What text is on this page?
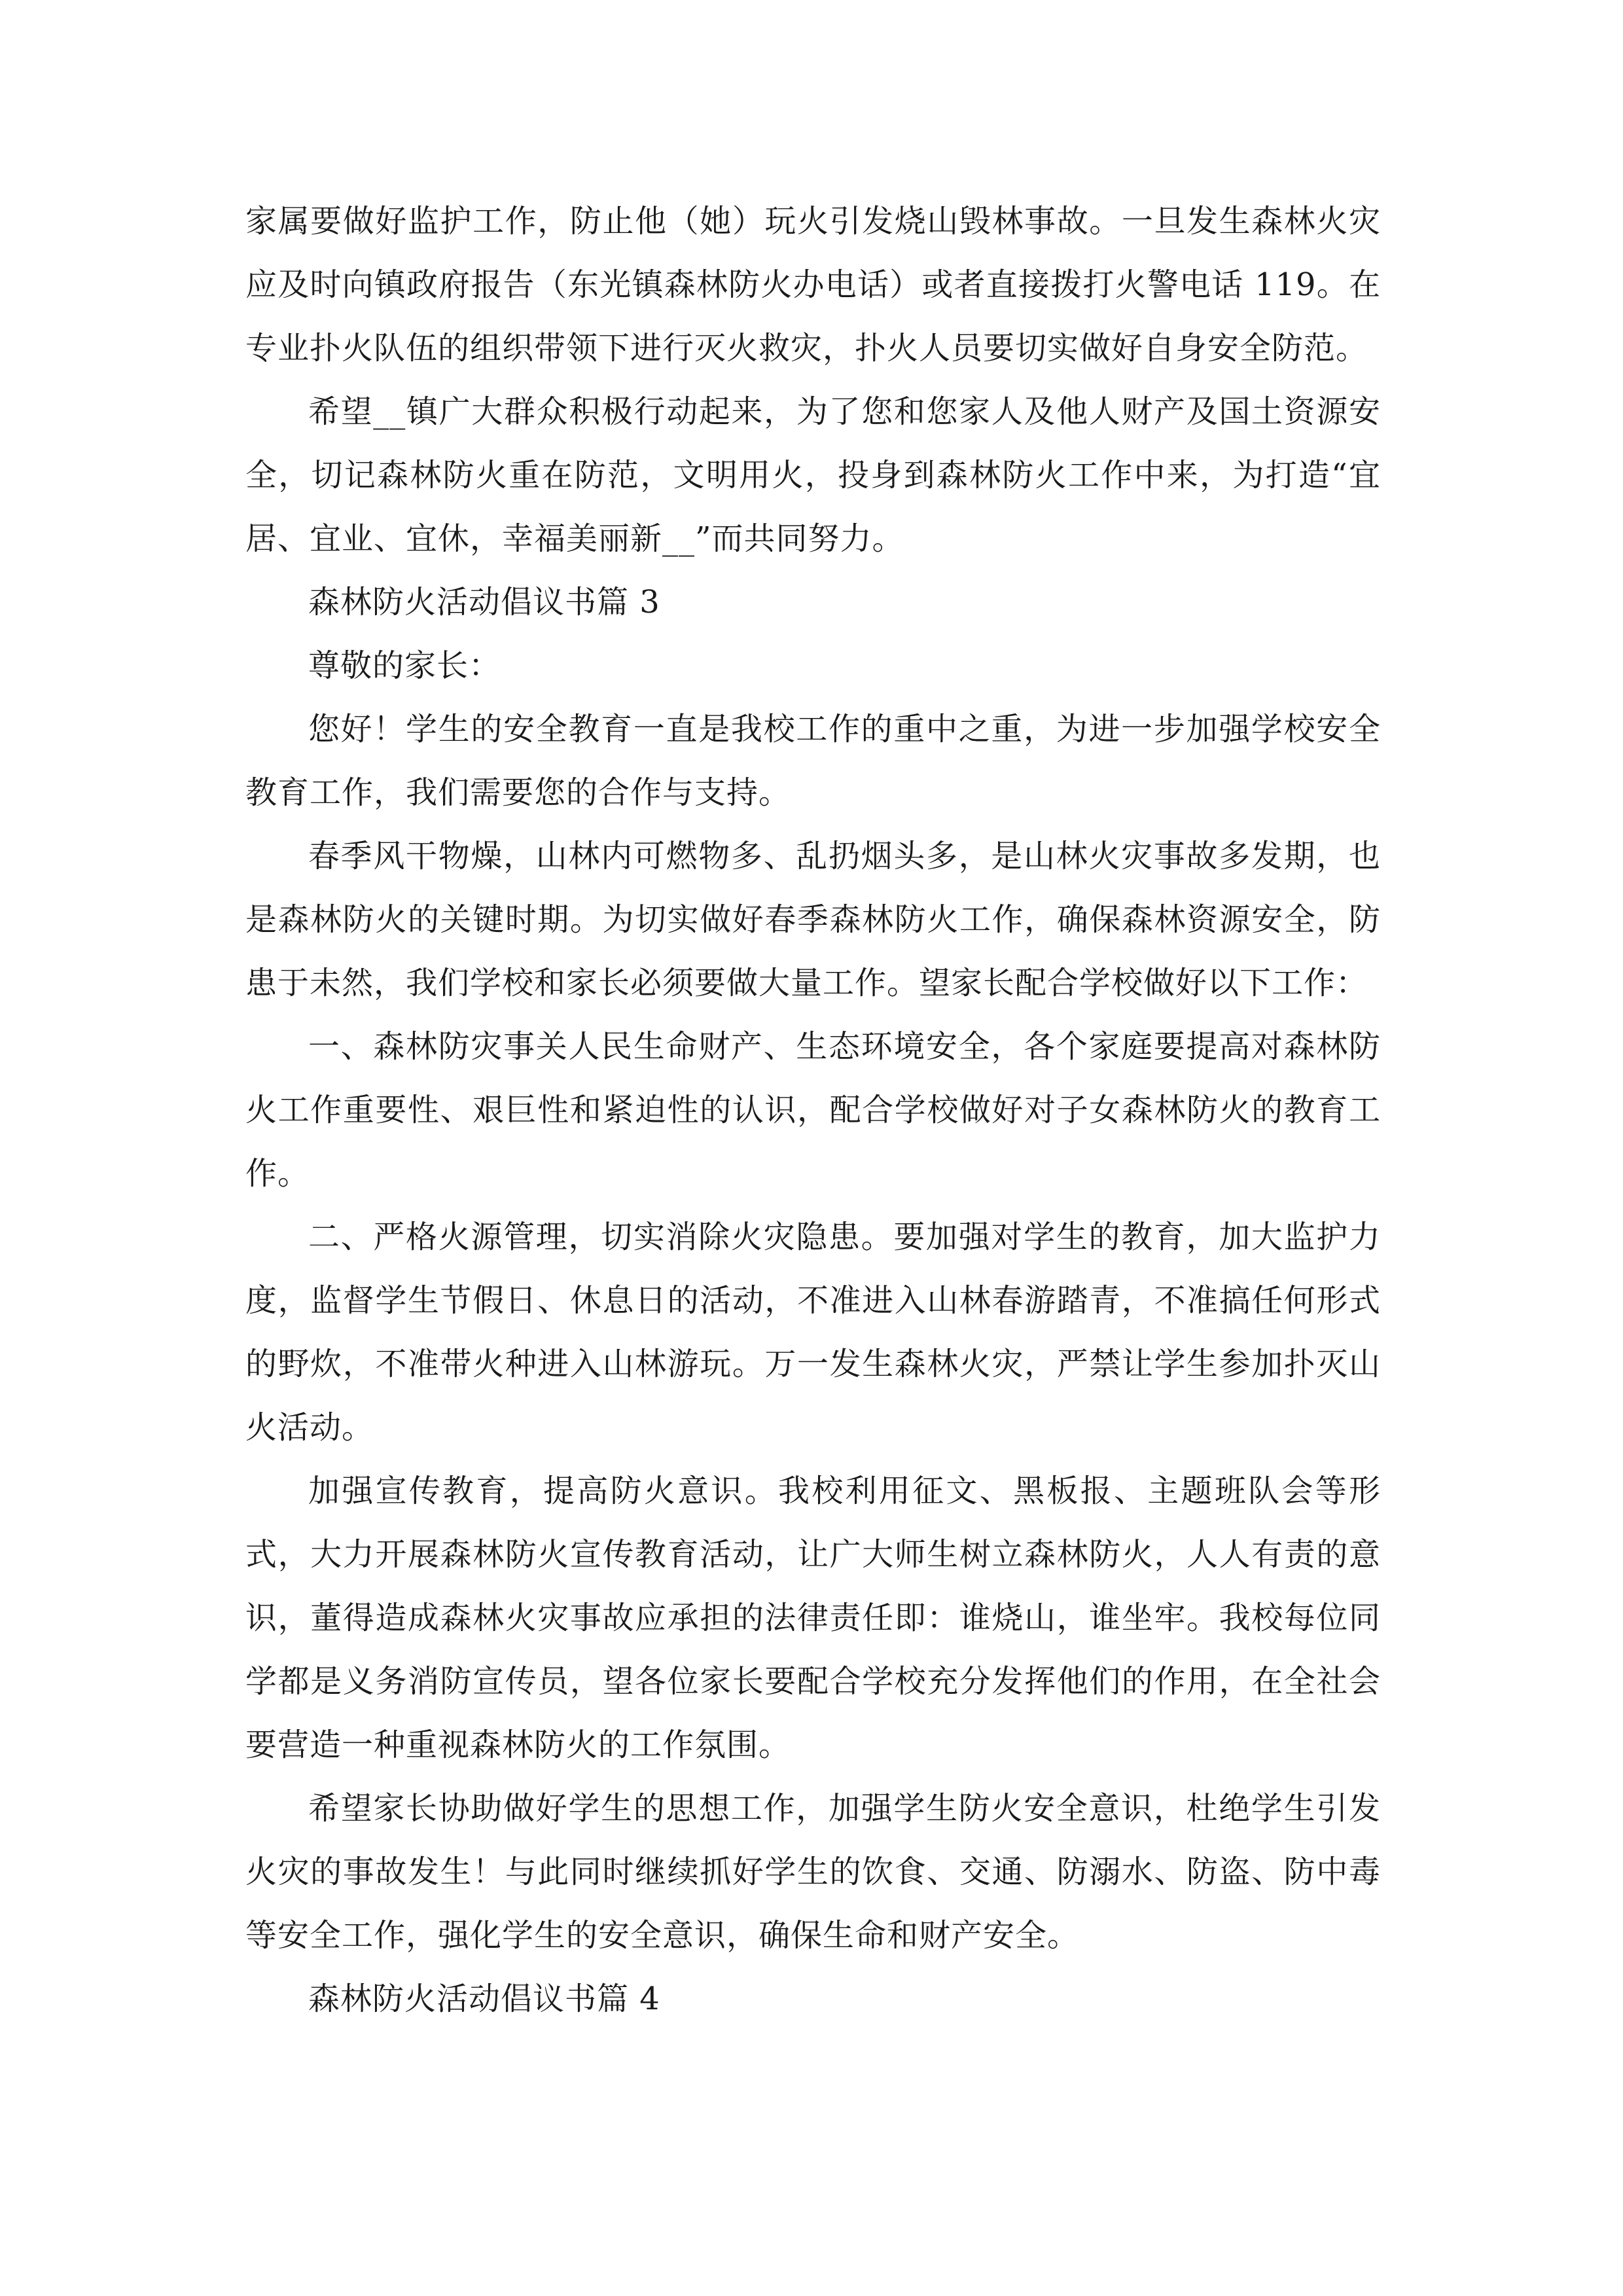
家属要做好监护工作，防止他（她）玩火引发烧山毁林事故。一旦发生森林火灾应及时向镇政府报告（东光镇森林防火办电话）或者直接拨打火警电话 119。在专业扑火队伍的组织带领下进行灭火救灾，扑火人员要切实做好自身安全防范。

希望__镇广大群众积极行动起来，为了您和您家人及他人财产及国土资源安全，切记森林防火重在防范，文明用火，投身到森林防火工作中来，为打造“宜居、宜业、宜休，幸福美丽新__”而共同努力。

森林防火活动倡议书篇 3

尊敬的家长：

您好！学生的安全教育一直是我校工作的重中之重，为进一步加强学校安全教育工作，我们需要您的合作与支持。

春季风干物燥，山林内可燃物多、乱扔烟头多，是山林火灾事故多发期，也是森林防火的关键时期。为切实做好春季森林防火工作，确保森林资源安全，防患于未然，我们学校和家长必须要做大量工作。望家长配合学校做好以下工作：

一、森林防灾事关人民生命财产、生态环境安全，各个家庭要提高对森林防火工作重要性、艰巨性和紧迫性的认识，配合学校做好对子女森林防火的教育工作。

二、严格火源管理，切实消除火灾隐患。要加强对学生的教育，加大监护力度，监督学生节假日、休息日的活动，不准进入山林春游踏青，不准搞任何形式的野炊，不准带火种进入山林游玩。万一发生森林火灾，严禁让学生参加扑灭山火活动。

加强宣传教育，提高防火意识。我校利用征文、黑板报、主题班队会等形式，大力开展森林防火宣传教育活动，让广大师生树立森林防火，人人有责的意识，董得造成森林火灾事故应承担的法律责任即：谁烧山，谁坐牢。我校每位同学都是义务消防宣传员，望各位家长要配合学校充分发挥他们的作用，在全社会要营造一种重视森林防火的工作氛围。

希望家长协助做好学生的思想工作，加强学生防火安全意识，杜绝学生引发火灾的事故发生！与此同时继续抓好学生的饮食、交通、防溺水、防盗、防中毒等安全工作，强化学生的安全意识，确保生命和财产安全。

森林防火活动倡议书篇 4
